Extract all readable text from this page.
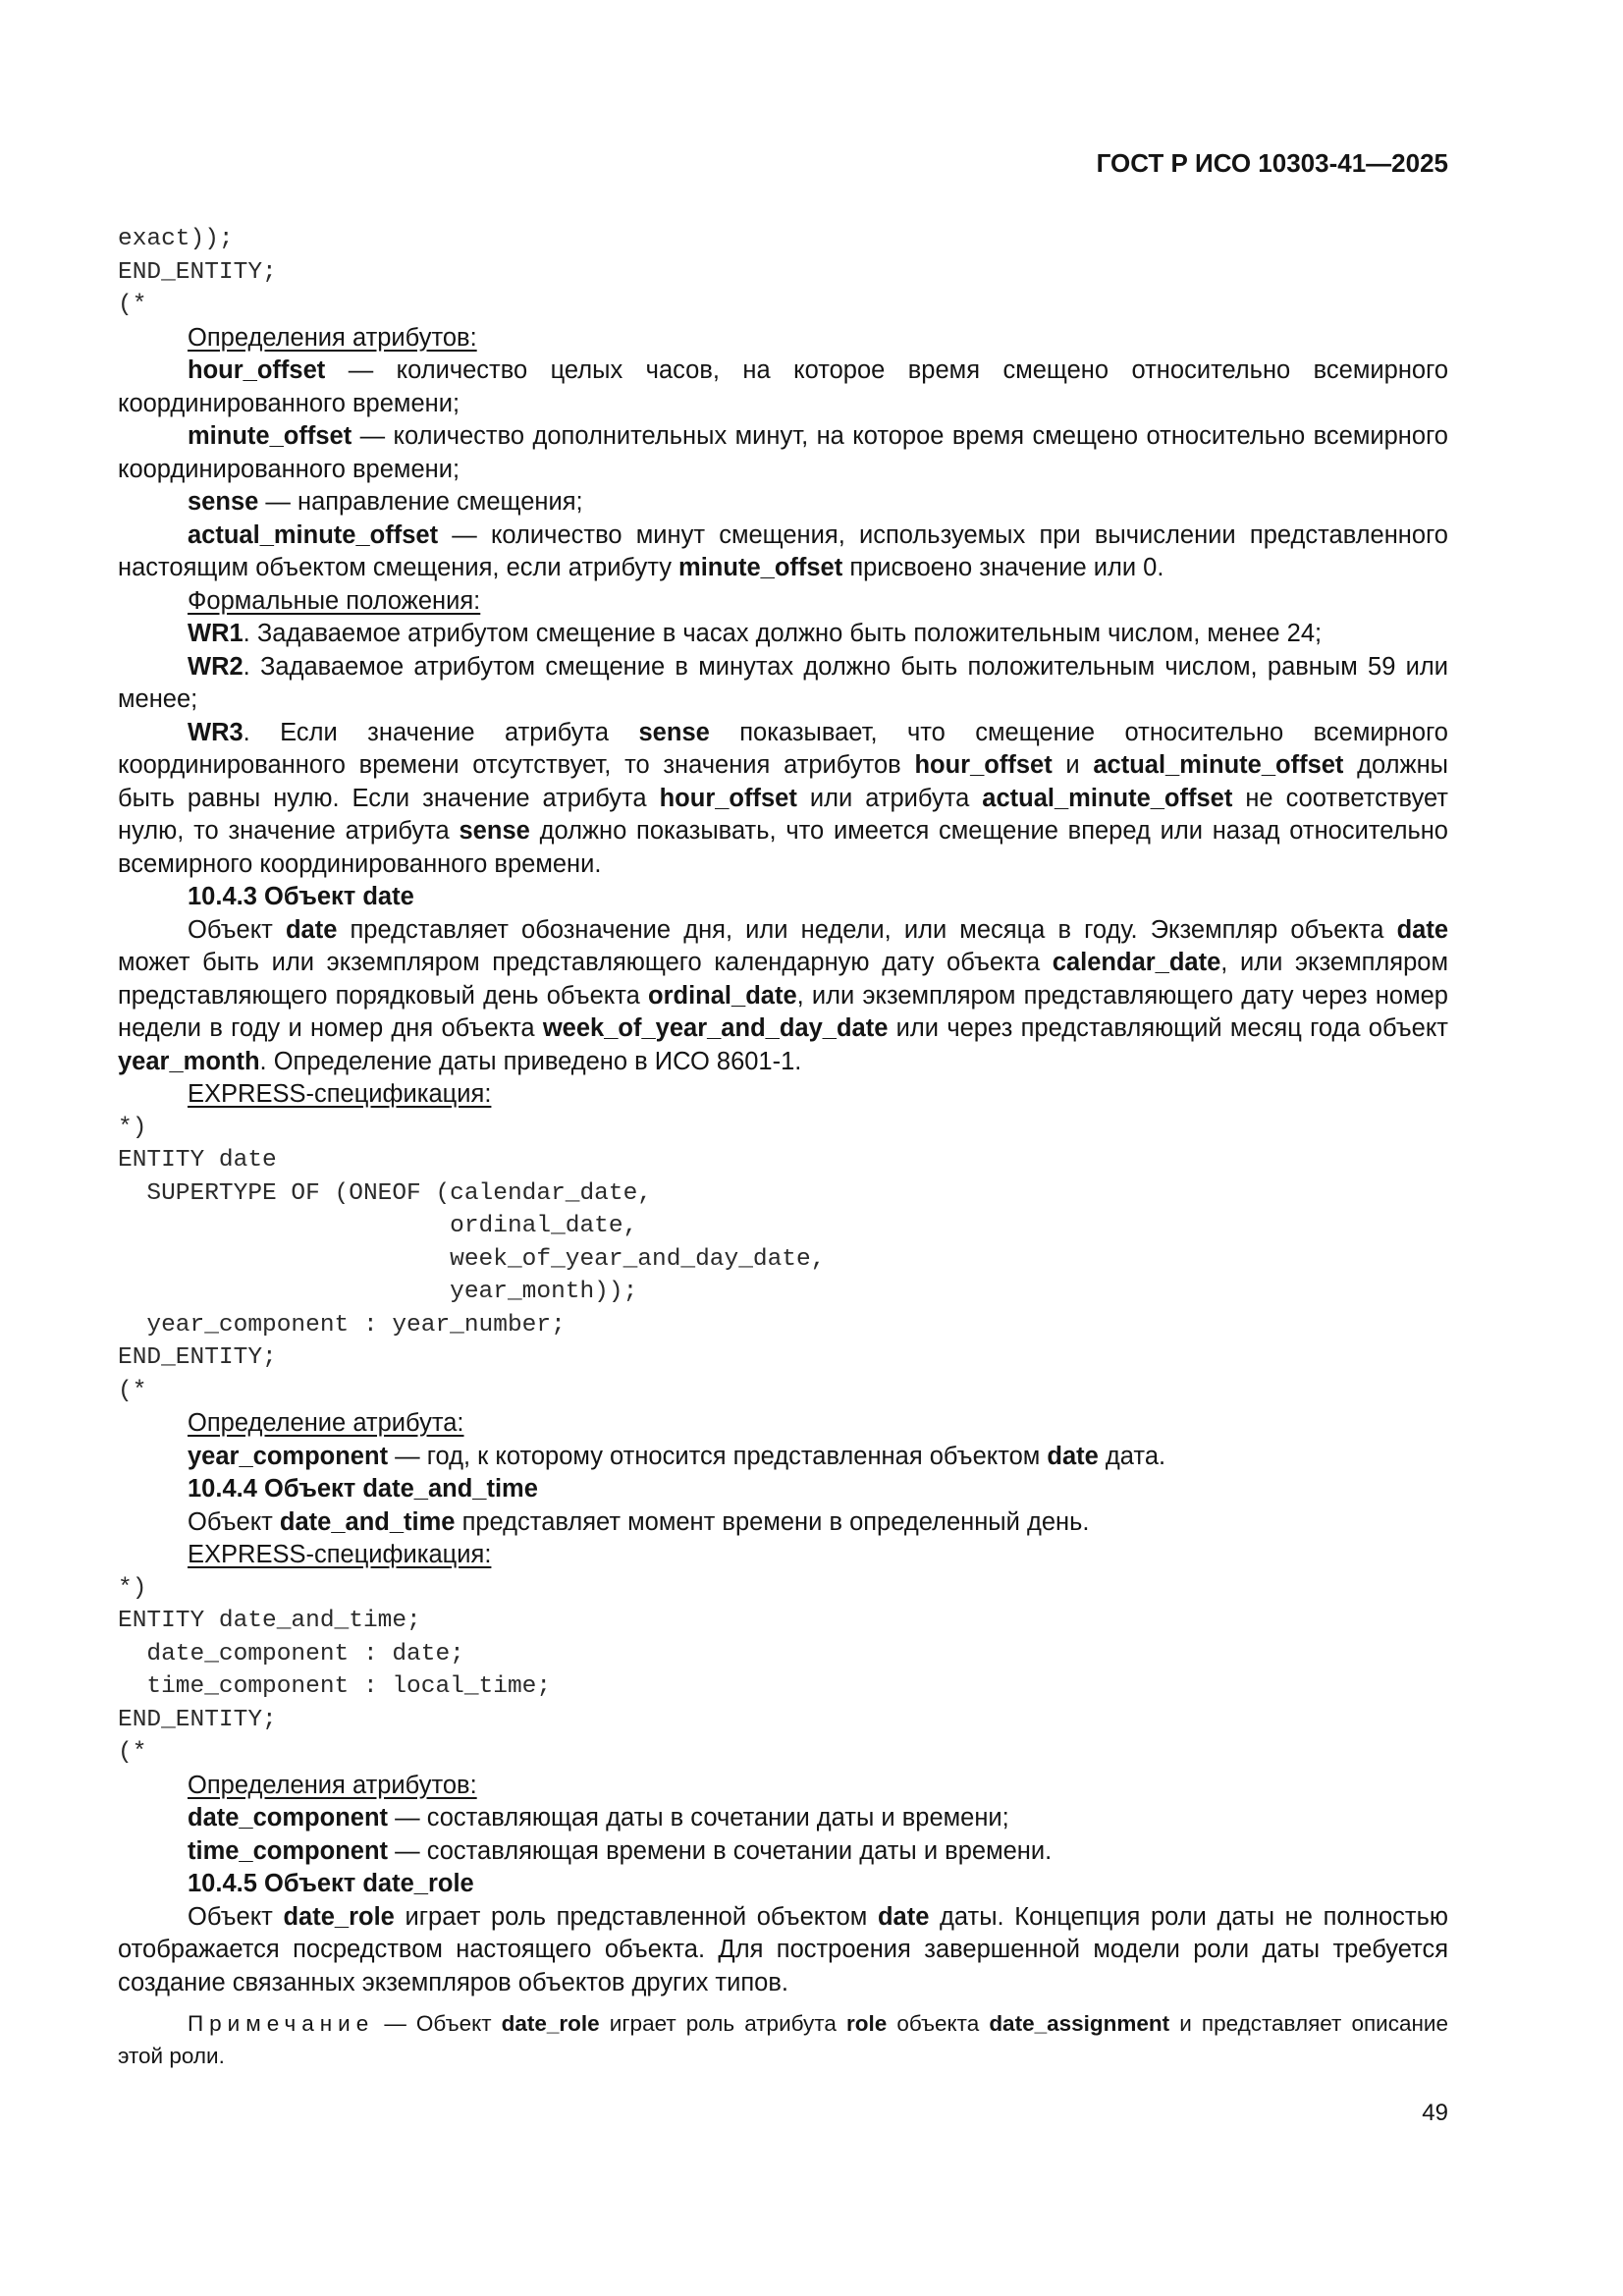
ГОСТ Р ИСО 10303-41—2025
exact));
END_ENTITY;
(*
Определения атрибутов:
hour_offset — количество целых часов, на которое время смещено относительно всемирного координированного времени;
minute_offset — количество дополнительных минут, на которое время смещено относительно всемирного координированного времени;
sense — направление смещения;
actual_minute_offset — количество минут смещения, используемых при вычислении представленного настоящим объектом смещения, если атрибуту minute_offset присвоено значение или 0.
Формальные положения:
WR1. Задаваемое атрибутом смещение в часах должно быть положительным числом, менее 24;
WR2. Задаваемое атрибутом смещение в минутах должно быть положительным числом, равным 59 или менее;
WR3. Если значение атрибута sense показывает, что смещение относительно всемирного координированного времени отсутствует, то значения атрибутов hour_offset и actual_minute_offset должны быть равны нулю. Если значение атрибута hour_offset или атрибута actual_minute_offset не соответствует нулю, то значение атрибута sense должно показывать, что имеется смещение вперед или назад относительно всемирного координированного времени.
10.4.3 Объект date
Объект date представляет обозначение дня, или недели, или месяца в году. Экземпляр объекта date может быть или экземпляром представляющего календарную дату объекта calendar_date, или экземпляром представляющего порядковый день объекта ordinal_date, или экземпляром представляющего дату через номер недели в году и номер дня объекта week_of_year_and_day_date или через представляющий месяц года объект year_month. Определение даты приведено в ИСО 8601-1.
EXPRESS-спецификация:
*)
ENTITY date
SUPERTYPE OF (ONEOF (calendar_date,
ordinal_date,
week_of_year_and_day_date,
year_month));
year_component : year_number;
END_ENTITY;
(*
Определение атрибута:
year_component — год, к которому относится представленная объектом date дата.
10.4.4 Объект date_and_time
Объект date_and_time представляет момент времени в определенный день.
EXPRESS-спецификация:
*)
ENTITY date_and_time;
date_component : date;
time_component : local_time;
END_ENTITY;
(*
Определения атрибутов:
date_component — составляющая даты в сочетании даты и времени;
time_component — составляющая времени в сочетании даты и времени.
10.4.5 Объект date_role
Объект date_role играет роль представленной объектом date даты. Концепция роли даты не полностью отображается посредством настоящего объекта. Для построения завершенной модели роли даты требуется создание связанных экземпляров объектов других типов.
Примечание — Объект date_role играет роль атрибута role объекта date_assignment и представляет описание этой роли.
49
